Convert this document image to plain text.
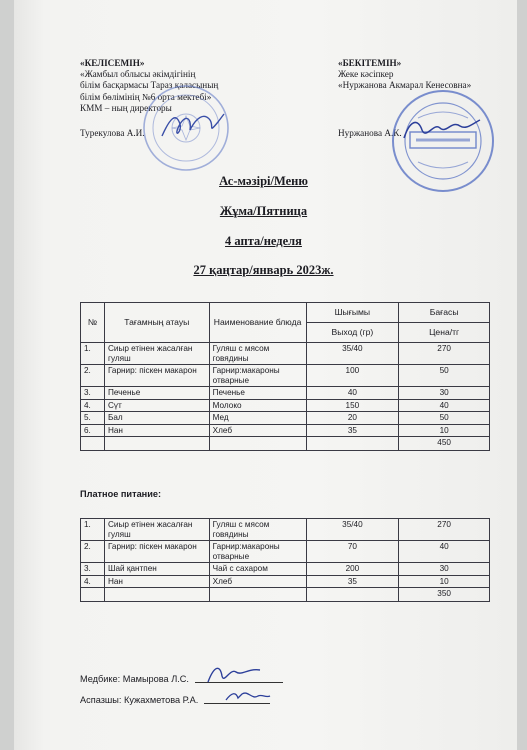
«КЕЛІСЕМІН»
«Жамбыл облысы әкімдігінің
білім басқармасы Тараз қаласының
білім бөлімінің №6 орта мектебі»
КММ – ның директоры
Турекулова А.И.
«БЕКІТЕМІН»
Жеке кәсіпкер
«Нуржанова Акмарал Кенесовна»
Нуржанова А.К.
Ас-мәзірі/Меню
Жұма/Пятница
4 апта/неделя
27 қаңтар/январь 2023ж.
№	Тағамның атауы	Наименование блюда	Шығымы	Бағасы
			Выход (гр)	Цена/тг
1.	Сиыр етінен жасалған гуляш	Гуляш с мясом говядины	35/40	270
2.	Гарнир: піскен макарон	Гарнир:макароны отварные	100	50
3.	Печенье	Печенье	40	30
4.	Сүт	Молоко	150	40
5.	Бал	Мед	20	50
6.	Нан	Хлеб	35	10
				450
Платное питание:
1.	Сиыр етінен жасалған гуляш	Гуляш с мясом говядины	35/40	270
2.	Гарнир: піскен макарон	Гарнир:макароны отварные	70	40
3.	Шай қантпен	Чай с сахаром	200	30
4.	Нан	Хлеб	35	10
				350
Медбике: Мамырова Л.С.
Аспазшы: Кужахметова Р.А.
